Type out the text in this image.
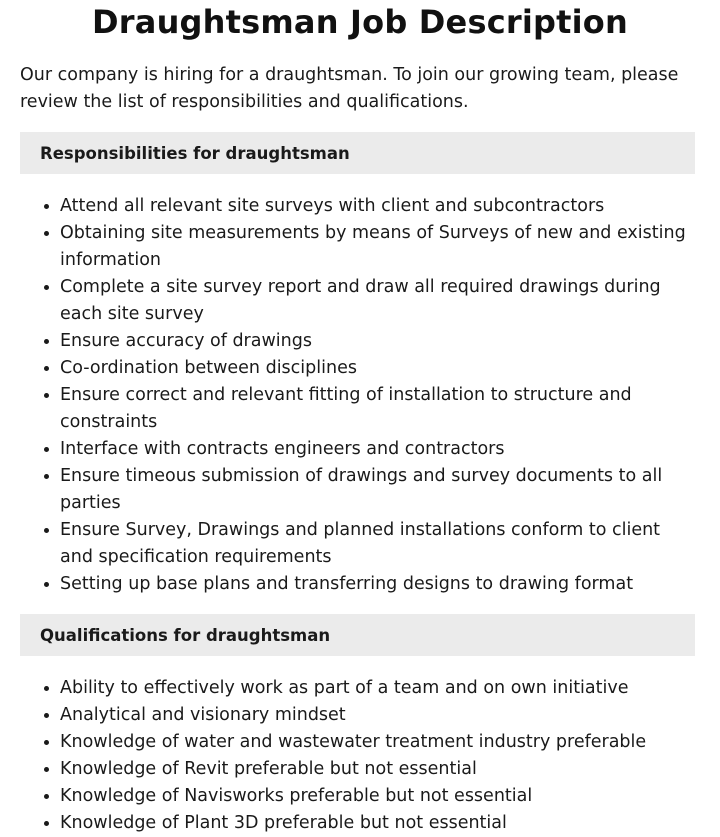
Draughtsman Job Description

Our company is hiring for a draughtsman. To join our growing team, please review the list of responsibilities and qualifications.

Responsibilities for draughtsman
• Attend all relevant site surveys with client and subcontractors
• Obtaining site measurements by means of Surveys of new and existing information
• Complete a site survey report and draw all required drawings during each site survey
• Ensure accuracy of drawings
• Co-ordination between disciplines
• Ensure correct and relevant fitting of installation to structure and constraints
• Interface with contracts engineers and contractors
• Ensure timeous submission of drawings and survey documents to all parties
• Ensure Survey, Drawings and planned installations conform to client and specification requirements
• Setting up base plans and transferring designs to drawing format
Qualifications for draughtsman
• Ability to effectively work as part of a team and on own initiative
• Analytical and visionary mindset
• Knowledge of water and wastewater treatment industry preferable
• Knowledge of Revit preferable but not essential
• Knowledge of Navisworks preferable but not essential
• Knowledge of Plant 3D preferable but not essential
